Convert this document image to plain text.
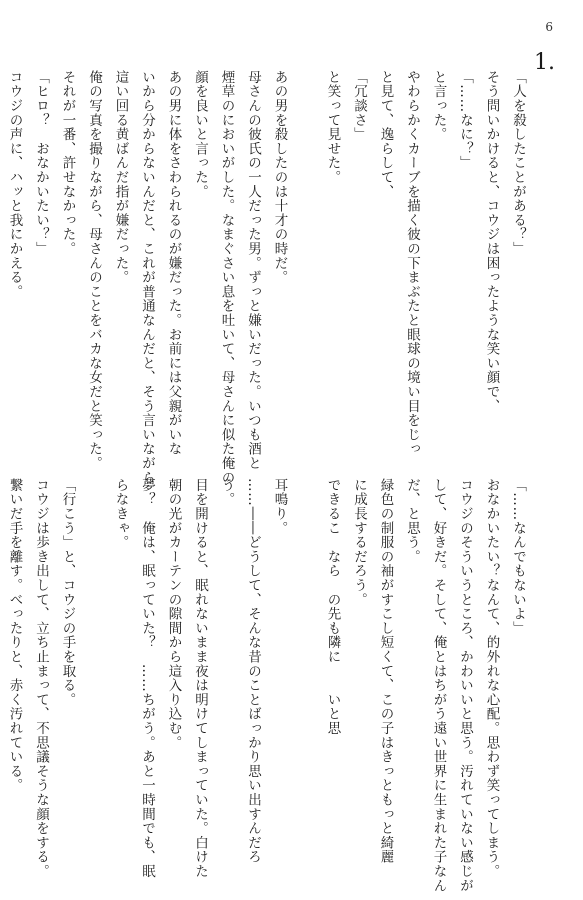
6
1.

「人を殺したことがある？」

そう問いかけると、コウジは困ったような笑い顔で、

「……なに？」

と言った。

やわらかくカーブを描く彼の下まぶたと眼球の境い目をじっ

と見て、逸らして、

「冗談さ」

と笑って見せた。

あの男を殺したのは十才の時だ。

母さんの彼氏の一人だった男。ずっと嫌いだった。いつも酒と

煙草のにおいがした。なまぐさい息を吐いて、母さんに似た俺の

顔を良いと言った。

あの男に体をさわられるのが嫌だった。お前には父親がいな

いから分からないんだと、これが普通なんだと、そう言いながら

這い回る黄ばんだ指が嫌だった。

俺の写真を撮りながら、母さんのことをバカな女だと笑った。

それが一番、許せなかった。

「ヒロ？　おなかいたい？」

コウジの声に、ハッと我にかえる。

「……なんでもないよ」

おなかいたい？なんて、的外れな心配。思わず笑ってしまう。

コウジのそういうところ、かわいいと思う。汚れていない感じが

して、好きだ。そして、俺とはちがう遠い世界に生まれた子なん

だ、と思う。

緑色の制服の袖がすこし短くて、この子はきっともっと綺麗

に成長するだろう。

できるこ　なら　の先も隣に　　いと思

耳鳴り。

……――どうして、そんな昔のことばっかり思い出すんだろ

う。

目を開けると、眠れないまま夜は明けてしまっていた。白けた

朝の光がカーテンの隙間から這入り込む。

夢？　俺は、眠っていた？　……ちがう。あと一時間でも、眠

らなきゃ。

「行こう」と、コウジの手を取る。

コウジは歩き出して、立ち止まって、不思議そうな顔をする。

繋いだ手を離す。べったりと、赤く汚れている。
